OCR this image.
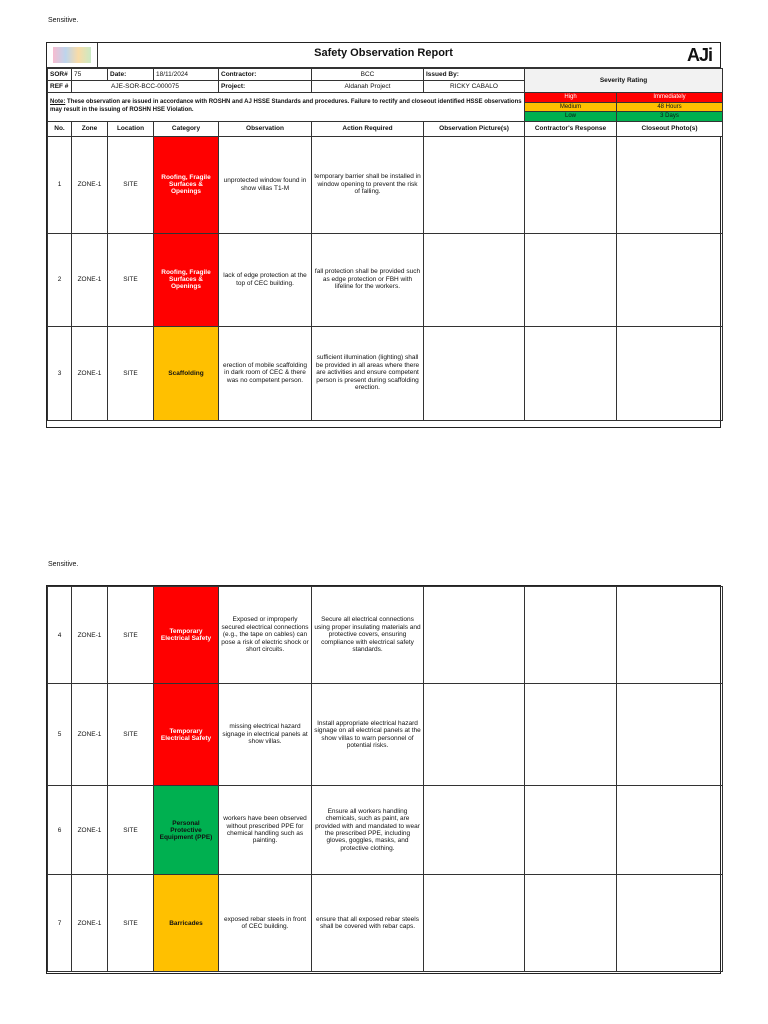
Sensitive.
Safety Observation Report	AJi
SOR#	75	Date:	18/11/2024	Contractor:	BCC	Issued By:	Severity Rating	
REF #	AJE-SOR-BCC-000075			Project:	Aldanah Project	RICKY CABALO		
Note: These observation are issued in accordance with ROSHN and AJ HSSE Standards and procedures. Failure to rectify and closeout identified HSSE observations may result in the issuing of ROSHN HSE Violation.							High	Immediately
							Medium	48 Hours
							Low	3 Days
No.	Zone	Location	Category	Observation	Action Required	Observation Picture(s)	Contractor's Response	Closeout Photo(s)
1	ZONE-1	SITE	Roofing, Fragile Surfaces & Openings	unprotected window found in show villas T1-M	temporary barrier shall be installed in window opening to prevent the risk of falling.	

2	ZONE-1	SITE	Roofing, Fragile Surfaces & Openings	lack of edge protection at the top of CEC building.	fall protection shall be provided such as edge protection or FBH with lifeline for the workers.	

3	ZONE-1	SITE	Scaffolding	erection of mobile scaffolding in dark room of CEC & there was no competent person.	sufficient illumination (lighting) shall be provided in all areas where there are activities and ensure competent person is present during scaffolding erection.	

Sensitive.
4	ZONE-1	SITE	Temporary Electrical Safety	Exposed or improperly secured electrical connections (e.g., the tape on cables) can pose a risk of electric shock or short circuits.	Secure all electrical connections using proper insulating materials and protective covers, ensuring compliance with electrical safety standards.	

5	ZONE-1	SITE	Temporary Electrical Safety	missing electrical hazard signage in electrical panels at show villas.	Install appropriate electrical hazard signage on all electrical panels at the show villas to warn personnel of potential risks.	

6	ZONE-1	SITE	Personal Protective Equipment (PPE)	workers have been observed without prescribed PPE for chemical handling such as painting.	Ensure all workers handling chemicals, such as paint, are provided with and mandated to wear the prescribed PPE, including gloves, goggles, masks, and protective clothing.	

7	ZONE-1	SITE	Barricades	exposed rebar steels in front of CEC building.	ensure that all exposed rebar steels shall be covered with rebar caps.	
